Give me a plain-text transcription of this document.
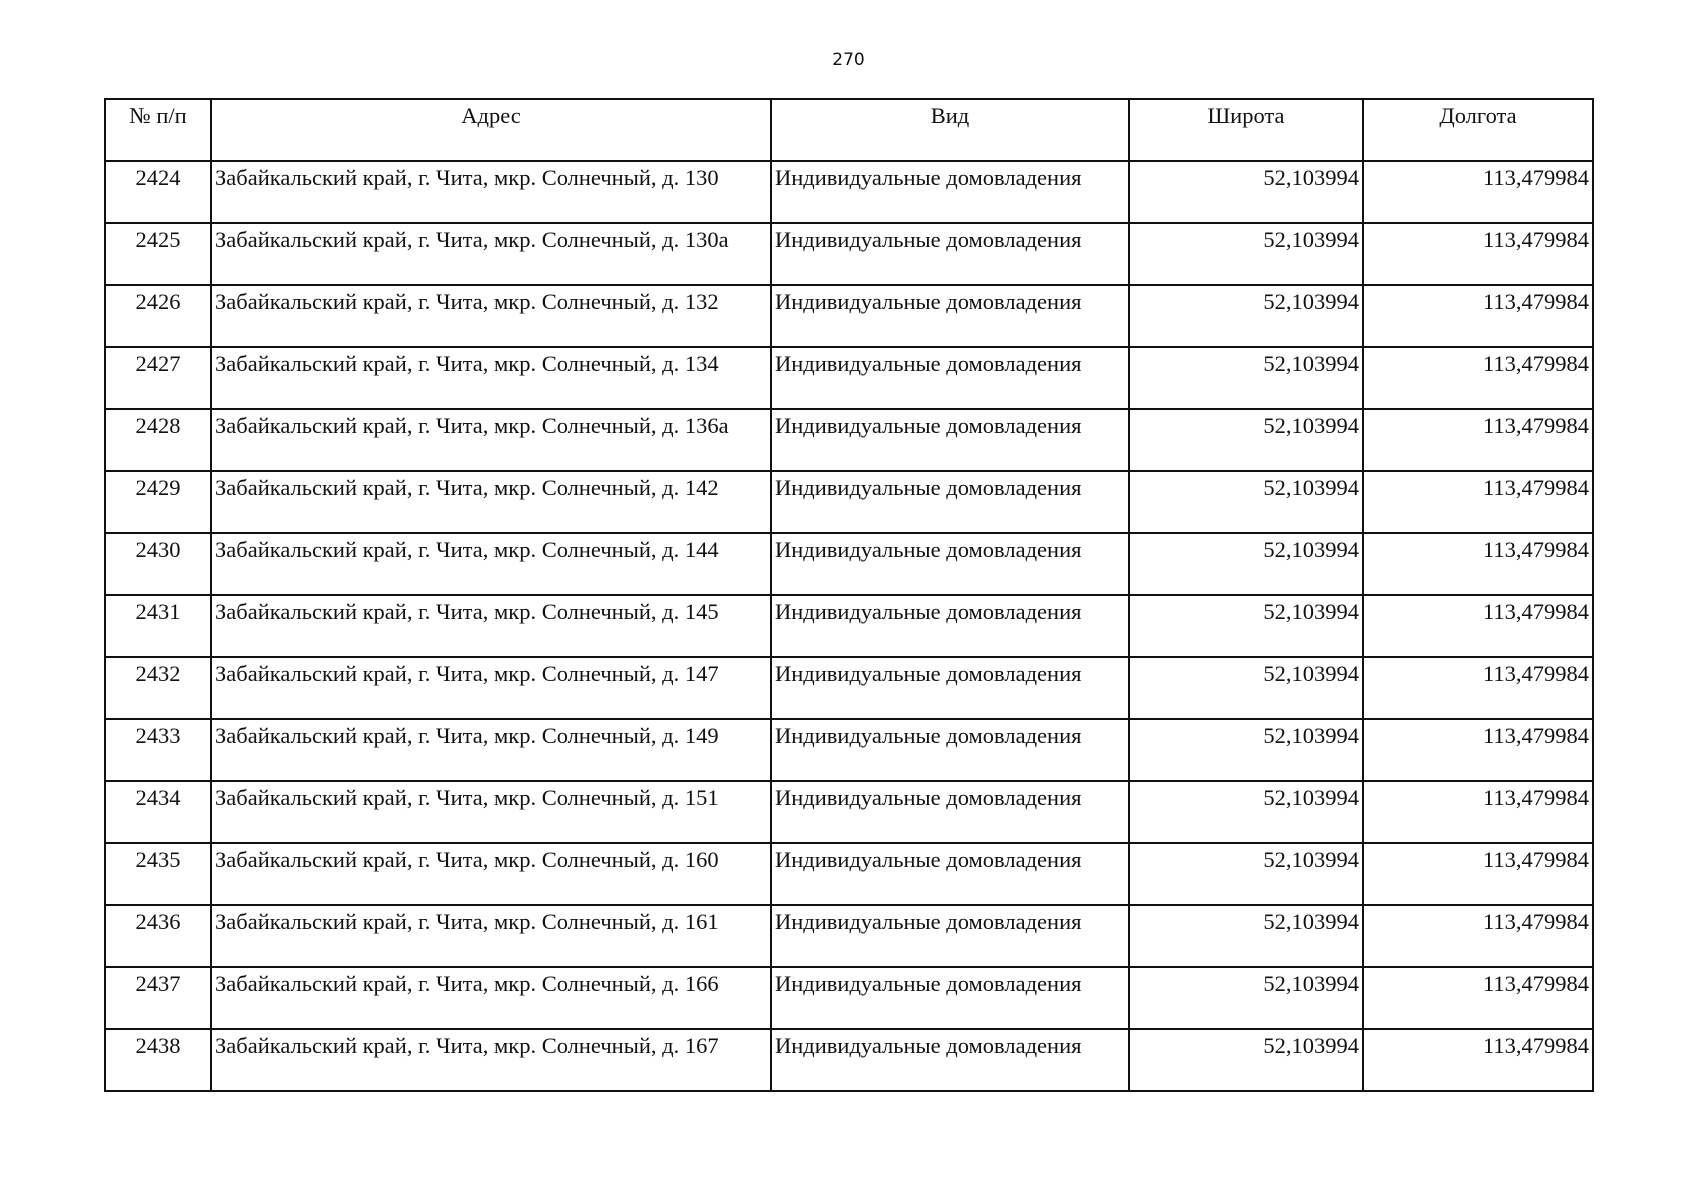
270
№ п/п	Адрес	Вид	Широта	Долгота
2424	Забайкальский край, г. Чита, мкр. Солнечный, д. 130	Индивидуальные домовладения	52,103994	113,479984
2425	Забайкальский край, г. Чита, мкр. Солнечный, д. 130а	Индивидуальные домовладения	52,103994	113,479984
2426	Забайкальский край, г. Чита, мкр. Солнечный, д. 132	Индивидуальные домовладения	52,103994	113,479984
2427	Забайкальский край, г. Чита, мкр. Солнечный, д. 134	Индивидуальные домовладения	52,103994	113,479984
2428	Забайкальский край, г. Чита, мкр. Солнечный, д. 136а	Индивидуальные домовладения	52,103994	113,479984
2429	Забайкальский край, г. Чита, мкр. Солнечный, д. 142	Индивидуальные домовладения	52,103994	113,479984
2430	Забайкальский край, г. Чита, мкр. Солнечный, д. 144	Индивидуальные домовладения	52,103994	113,479984
2431	Забайкальский край, г. Чита, мкр. Солнечный, д. 145	Индивидуальные домовладения	52,103994	113,479984
2432	Забайкальский край, г. Чита, мкр. Солнечный, д. 147	Индивидуальные домовладения	52,103994	113,479984
2433	Забайкальский край, г. Чита, мкр. Солнечный, д. 149	Индивидуальные домовладения	52,103994	113,479984
2434	Забайкальский край, г. Чита, мкр. Солнечный, д. 151	Индивидуальные домовладения	52,103994	113,479984
2435	Забайкальский край, г. Чита, мкр. Солнечный, д. 160	Индивидуальные домовладения	52,103994	113,479984
2436	Забайкальский край, г. Чита, мкр. Солнечный, д. 161	Индивидуальные домовладения	52,103994	113,479984
2437	Забайкальский край, г. Чита, мкр. Солнечный, д. 166	Индивидуальные домовладения	52,103994	113,479984
2438	Забайкальский край, г. Чита, мкр. Солнечный, д. 167	Индивидуальные домовладения	52,103994	113,479984
